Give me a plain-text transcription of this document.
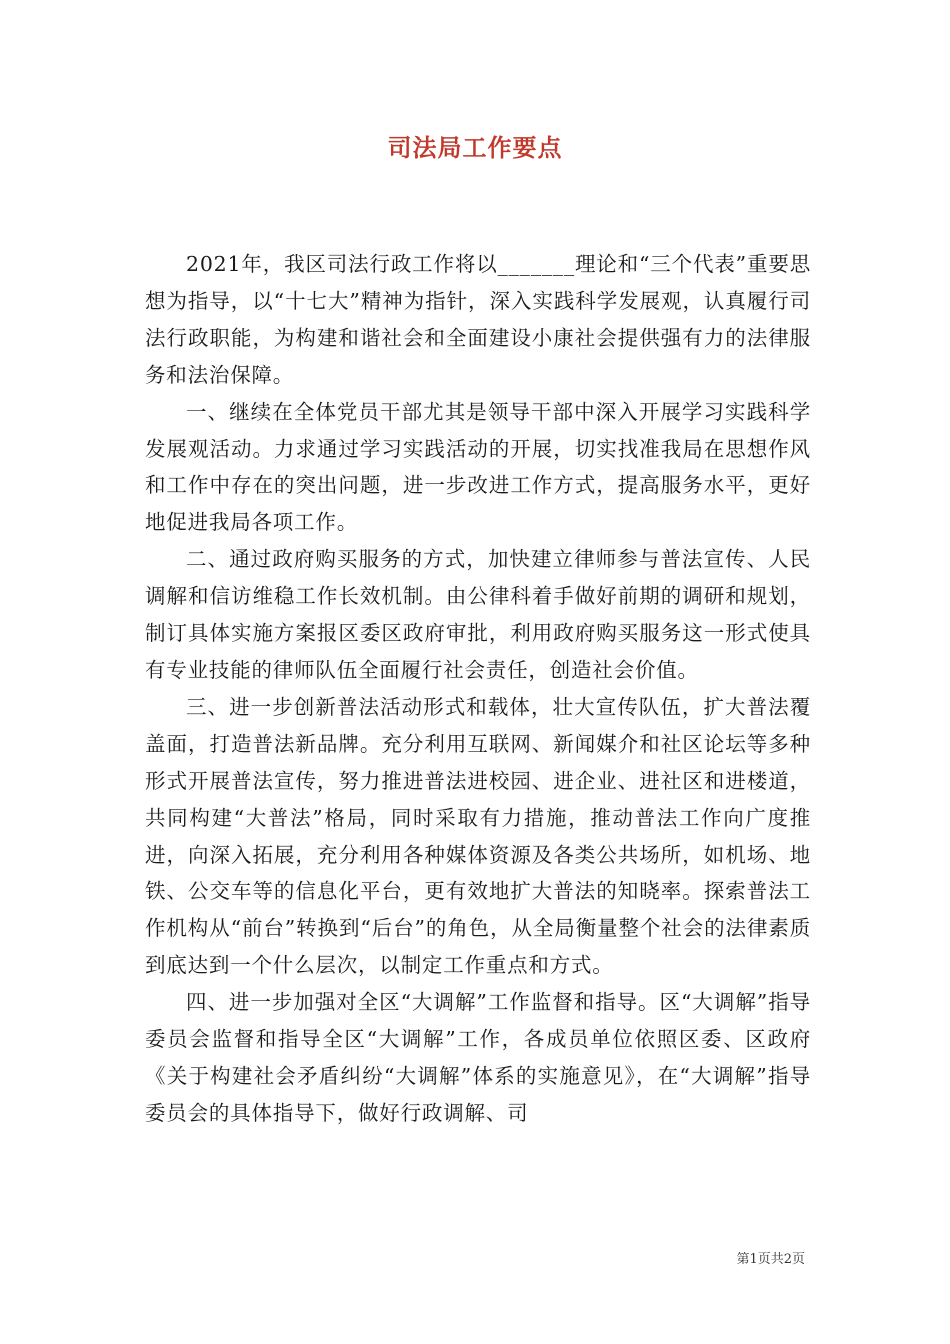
司法局工作要点

2021年，我区司法行政工作将以_______理论和“三个代表”重要思想为指导，以“十七大”精神为指针，深入实践科学发展观，认真履行司法行政职能，为构建和谐社会和全面建设小康社会提供强有力的法律服务和法治保障。

一、继续在全体党员干部尤其是领导干部中深入开展学习实践科学发展观活动。力求通过学习实践活动的开展，切实找准我局在思想作风和工作中存在的突出问题，进一步改进工作方式，提高服务水平，更好地促进我局各项工作。

二、通过政府购买服务的方式，加快建立律师参与普法宣传、人民调解和信访维稳工作长效机制。由公律科着手做好前期的调研和规划，制订具体实施方案报区委区政府审批，利用政府购买服务这一形式使具有专业技能的律师队伍全面履行社会责任，创造社会价值。

三、进一步创新普法活动形式和载体，壮大宣传队伍，扩大普法覆盖面，打造普法新品牌。充分利用互联网、新闻媒介和社区论坛等多种形式开展普法宣传，努力推进普法进校园、进企业、进社区和进楼道，共同构建“大普法”格局，同时采取有力措施，推动普法工作向广度推进，向深入拓展，充分利用各种媒体资源及各类公共场所，如机场、地铁、公交车等的信息化平台，更有效地扩大普法的知晓率。探索普法工作机构从“前台”转换到“后台”的角色，从全局衡量整个社会的法律素质到底达到一个什么层次，以制定工作重点和方式。

四、进一步加强对全区“大调解”工作监督和指导。区“大调解”指导委员会监督和指导全区“大调解”工作，各成员单位依照区委、区政府《关于构建社会矛盾纠纷“大调解”体系的实施意见》，在“大调解”指导委员会的具体指导下，做好行政调解、司

第1页共2页
